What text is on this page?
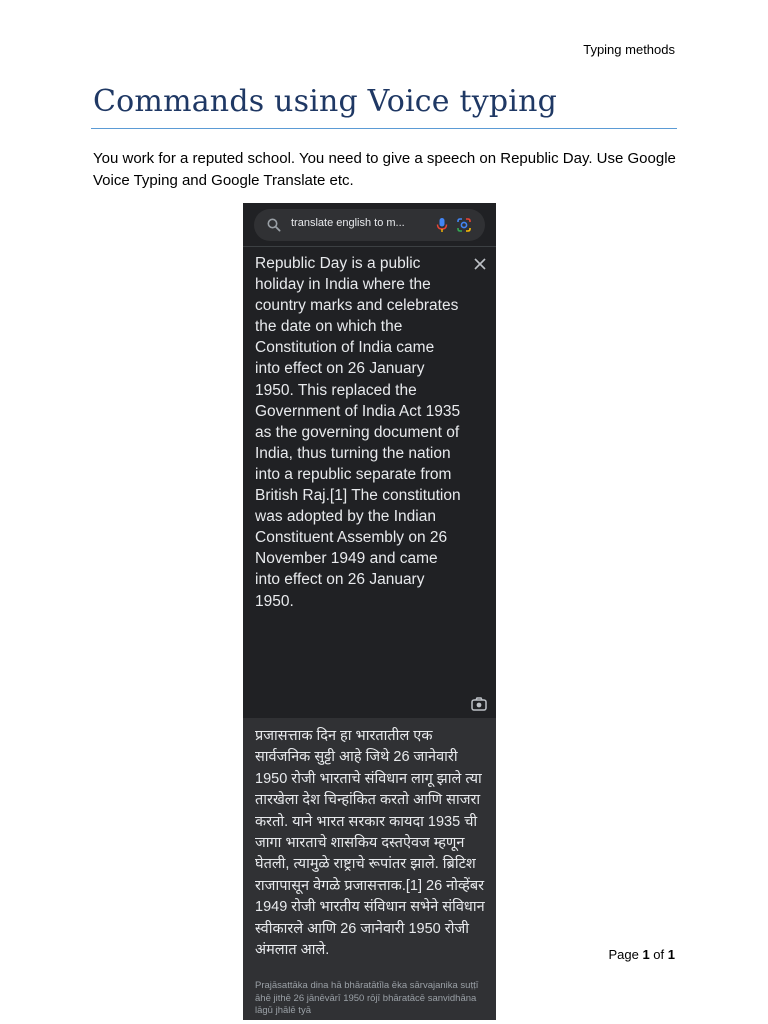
Typing methods
Commands using Voice typing

You work for a reputed school. You need to give a speech on Republic Day. Use Google Voice Typing and Google Translate etc.

translate english to m...

Republic Day is a public holiday in India where the country marks and celebrates the date on which the Constitution of India came into effect on 26 January 1950. This replaced the Government of India Act 1935 as the governing document of India, thus turning the nation into a republic separate from British Raj.[1] The constitution was adopted by the Indian Constituent Assembly on 26 November 1949 and came into effect on 26 January 1950.

प्रजासत्ताक दिन हा भारतातील एक सार्वजनिक सुट्टी आहे जिथे 26 जानेवारी 1950 रोजी भारताचे संविधान लागू झाले त्या तारखेला देश चिन्हांकित करतो आणि साजरा करतो. याने भारत सरकार कायदा 1935 ची जागा भारताचे शासकिय दस्तऐवज म्हणून घेतली, त्यामुळे राष्ट्राचे रूपांतर झाले. ब्रिटिश राजापासून वेगळे प्रजासत्ताक.[1] 26 नोव्हेंबर 1949 रोजी भारतीय संविधान सभेने संविधान स्वीकारले आणि 26 जानेवारी 1950 रोजी अंमलात आले.

Prajāsattāka dina hā bhāratātīla ēka sārvajanika suṭṭī āhē jithē 26 jānēvārī 1950 rōjī bhāratācē sanvidhāna lāgū jhālē tyā

Page 1 of 1
